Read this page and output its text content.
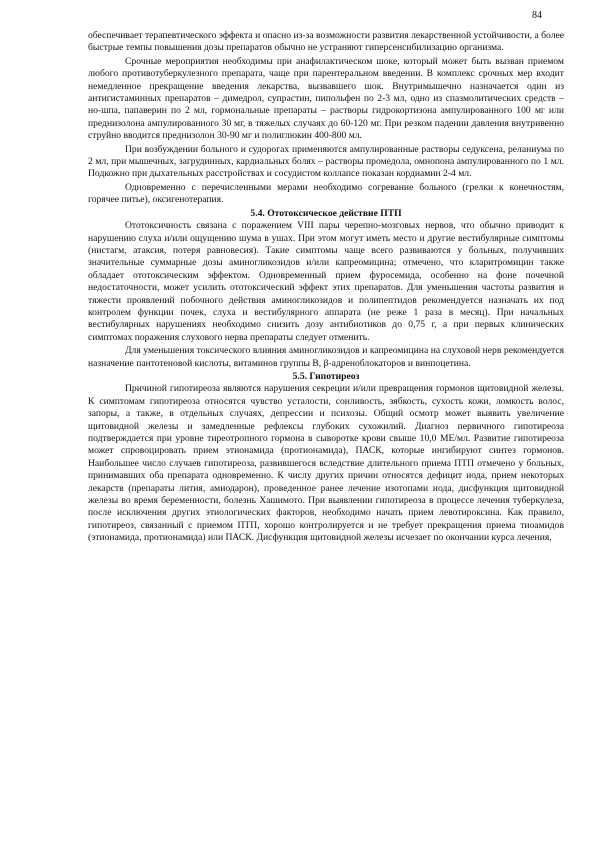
84

обеспечивает терапевтического эффекта и опасно из-за возможности развития лекарственной устойчивости, а более быстрые темпы повышения дозы препаратов обычно не устраняют гиперсенсибилизацию организма.

Срочные мероприятия необходимы при анафилактическом шоке, который может быть вызван приемом любого противотуберкулезного препарата, чаще при парентеральном введении. В комплекс срочных мер входит немедленное прекращение введения лекарства, вызвавшего шок. Внутримышечно назначается один из антигистаминных препаратов – димедрол, супрастин, пипольфен по 2-3 мл, одно из спазмолитических средств – но-шпа, папаверин по 2 мл, гормональные препараты – растворы гидрокортизона ампулированного 100 мг или преднизолона ампулированного 30 мг, в тяжелых случаях до 60-120 мг. При резком падении давления внутривенно струйно вводится преднизолон 30-90 мг и полиглюкин 400-800 мл.

При возбуждении больного и судорогах применяются ампулированные растворы седуксена, реланиума по 2 мл, при мышечных, загрудинных, кардиальных болях – растворы промедола, омнопона ампулированного по 1 мл. Подкожно при дыхательных расстройствах и сосудистом коллапсе показан кордиамин 2-4 мл.

Одновременно с перечисленными мерами необходимо согревание больного (грелки к конечностям, горячее питье), оксигенотерапия.

5.4. Ототоксическое действие ПТП

Ототоксичность связана с поражением VIII пары черепно-мозговых нервов, что обычно приводит к нарушению слуха и/или ощущению шума в ушах. При этом могут иметь место и другие вестибулярные симптомы (нистагм, атаксия, потеря равновесия). Такие симптомы чаще всего развиваются у больных, получивших значительные суммарные дозы аминогликозидов и/или капреомицина; отмечено, что кларитромицин также обладает ототоксическим эффектом. Одновременный прием фуросемида, особенно на фоне почечной недостаточности, может усилить ототоксический эффект этих препаратов. Для уменьшения частоты развития и тяжести проявлений побочного действия аминогликозидов и полипептидов рекомендуется назначать их под контролем функции почек, слуха и вестибулярного аппарата (не реже 1 раза в месяц). При начальных вестибулярных нарушениях необходимо снизить дозу антибиотиков до 0,75 г, а при первых клинических симптомах поражения слухового нерва препараты следует отменить.

Для уменьшения токсического влияния аминогликозидов и капреомицина на слуховой нерв рекомендуется назначение пантотеновой кислоты, витаминов группы В, β-адреноблокаторов и винпоцетина.

5.5. Гипотиреоз

Причиной гипотиреоза являются нарушения секреции и/или превращения гормонов щитовидной железы. К симптомам гипотиреоза относятся чувство усталости, сонливость, зябкость, сухость кожи, ломкость волос, запоры, а также, в отдельных случаях, депрессии и психозы. Общий осмотр может выявить увеличение щитовидной железы и замедленные рефлексы глубоких сухожилий. Диагноз первичного гипотиреоза подтверждается при уровне тиреотропного гормона в сыворотке крови свыше 10,0 МЕ/мл. Развитие гипотиреоза может спровоцировать прием этионамида (протионамида), ПАСК, которые ингибируют синтез гормонов. Наибольшее число случаев гипотиреоза, развившегося вследствие длительного приема ПТП отмечено у больных, принимавших оба препарата одновременно. К числу других причин относятся дефицит иода, прием некоторых лекарств (препараты лития, амиодарон), проведенное ранее лечение изотопами иода, дисфункция щитовидной железы во время беременности, болезнь Хашимото. При выявлении гипотиреоза в процессе лечения туберкулеза, после исключения других этиологических факторов, необходимо начать прием левотироксина. Как правило, гипотиреоз, связанный с приемом ПТП, хорошо контролируется и не требует прекращения приема тиоамидов (этионамида, протионамида) или ПАСК. Дисфункция щитовидной железы исчезает по окончании курса лечения,
